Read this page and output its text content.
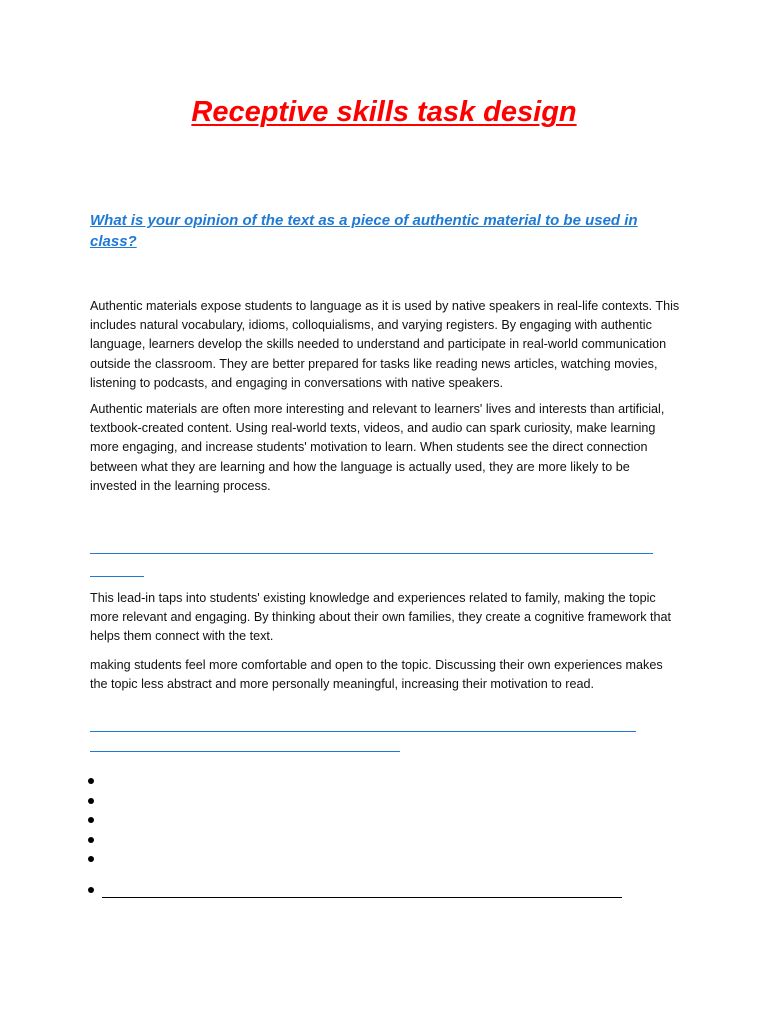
Receptive skills task design

What is your opinion of the text as a piece of authentic material to be used in class?

Authentic materials expose students to language as it is used by native speakers in real-life contexts. This includes natural vocabulary, idioms, colloquialisms, and varying registers. By engaging with authentic language, learners develop the skills needed to understand and participate in real-world communication outside the classroom. They are better prepared for tasks like reading news articles, watching movies, listening to podcasts, and engaging in conversations with native speakers.

Authentic materials are often more interesting and relevant to learners' lives and interests than artificial, textbook-created content. Using real-world texts, videos, and audio can spark curiosity, make learning more engaging, and increase students' motivation to learn. When students see the direct connection between what they are learning and how the language is actually used, they are more likely to be invested in the learning process.

This lead-in taps into students' existing knowledge and experiences related to family, making the topic more relevant and engaging. By thinking about their own families, they create a cognitive framework that helps them connect with the text.

making students feel more comfortable and open to the topic. Discussing their own experiences makes the topic less abstract and more personally meaningful, increasing their motivation to read.
